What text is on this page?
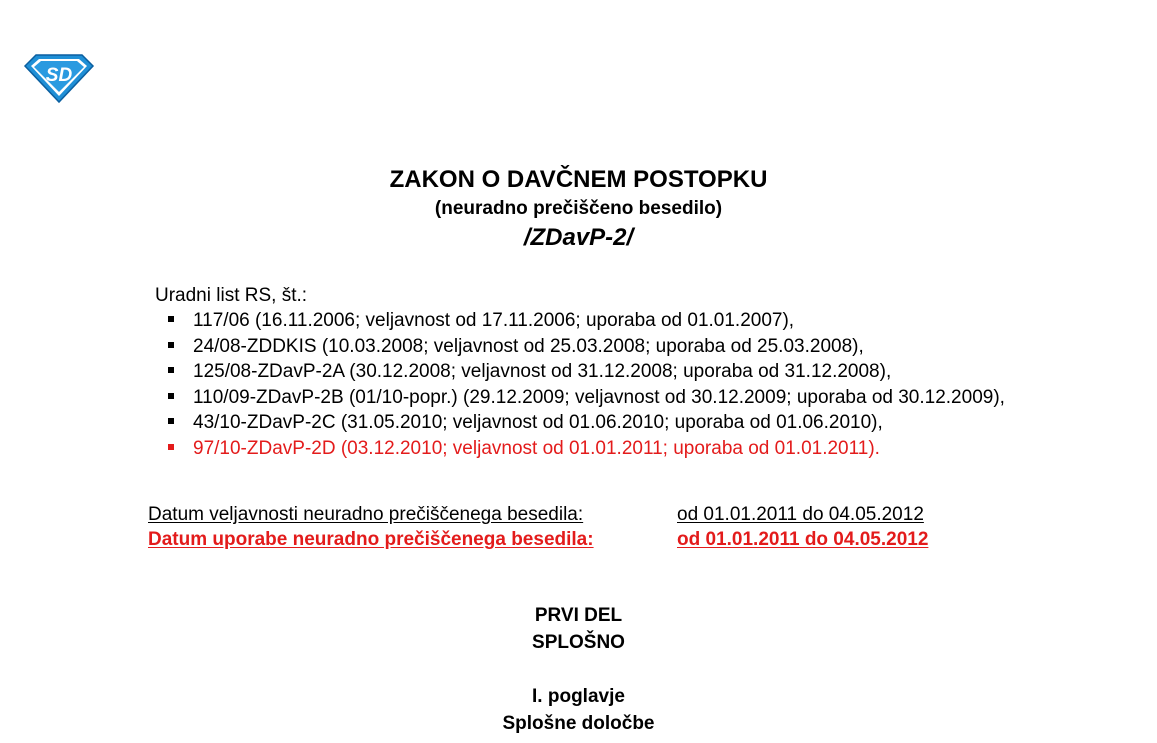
SD
ZAKON O DAVČNEM POSTOPKU
(neuradno prečiščeno besedilo)
/ZDavP-2/
Uradni list RS, št.:
117/06 (16.11.2006; veljavnost od 17.11.2006; uporaba od 01.01.2007),
24/08-ZDDKIS (10.03.2008; veljavnost od 25.03.2008; uporaba od 25.03.2008),
125/08-ZDavP-2A (30.12.2008; veljavnost od 31.12.2008; uporaba od 31.12.2008),
110/09-ZDavP-2B (01/10-popr.) (29.12.2009; veljavnost od 30.12.2009; uporaba od 30.12.2009),
43/10-ZDavP-2C (31.05.2010; veljavnost od 01.06.2010; uporaba od 01.06.2010),
97/10-ZDavP-2D (03.12.2010; veljavnost od 01.01.2011; uporaba od 01.01.2011).
Datum veljavnosti neuradno prečiščenega besedila:	od 01.01.2011 do 04.05.2012
Datum uporabe neuradno prečiščenega besedila:	od 01.01.2011 do 04.05.2012
PRVI DEL
SPLOŠNO
I. poglavje
Splošne določbe
